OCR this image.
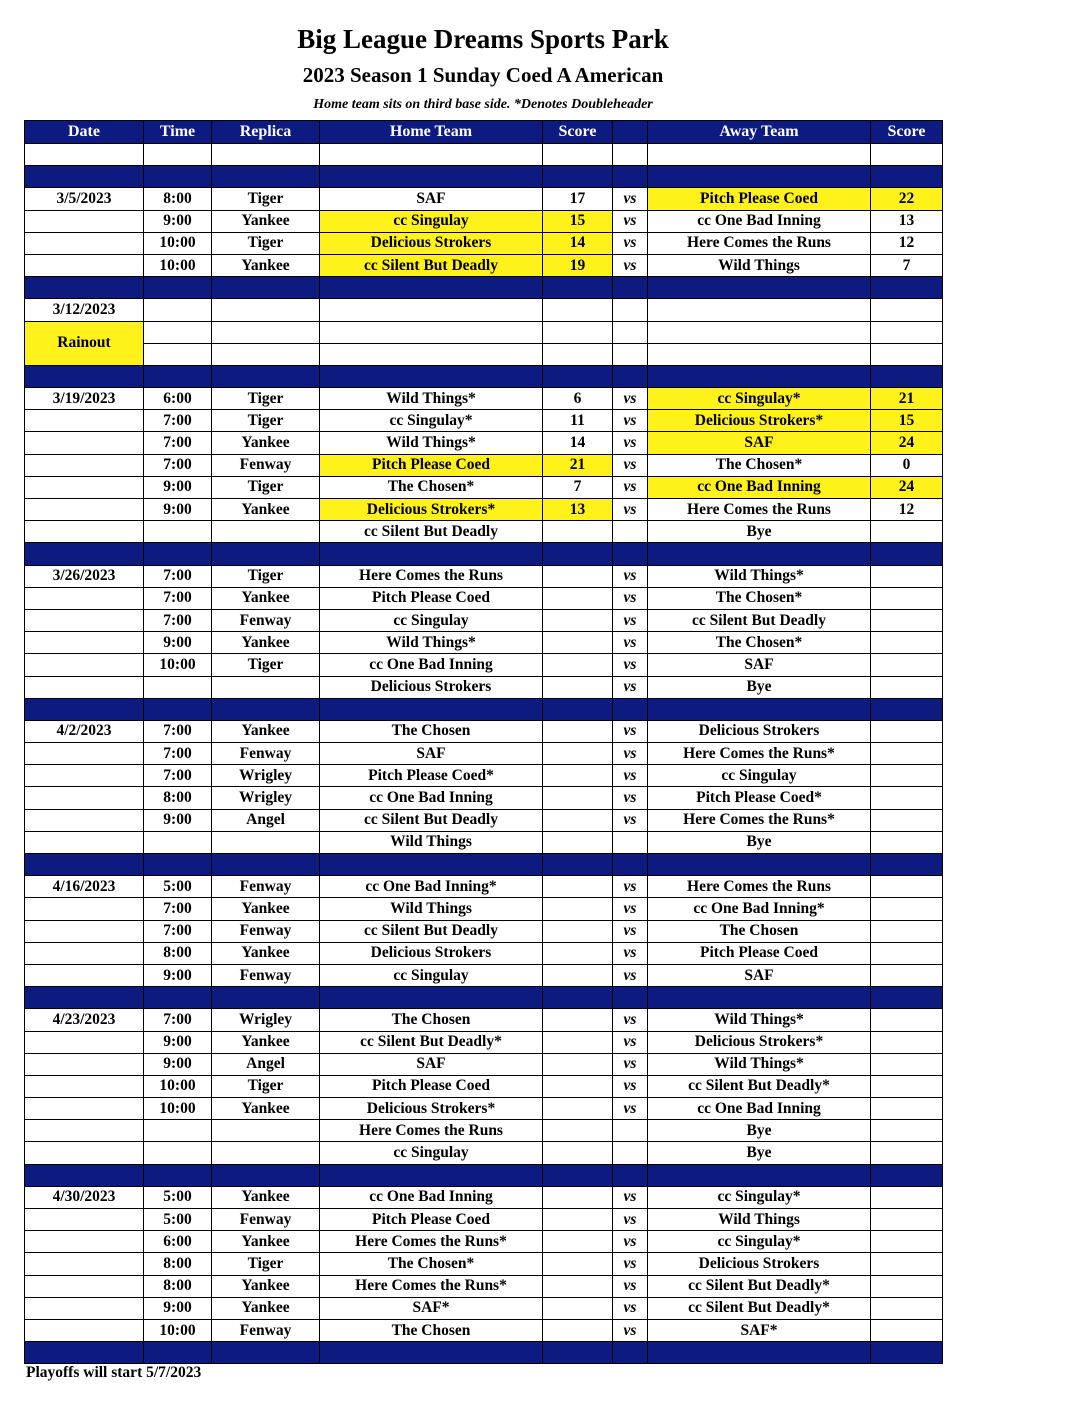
Big League Dreams Sports Park
2023 Season 1 Sunday Coed A American
Home team sits on third base side. *Denotes Doubleheader
Date	Time	Replica	Home Team	Score		Away Team	Score

3/5/2023	8:00	Tiger	SAF	17	vs	Pitch Please Coed	22
	9:00	Yankee	cc Singulay	15	vs	cc One Bad Inning	13
	10:00	Tiger	Delicious Strokers	14	vs	Here Comes the Runs	12
	10:00	Yankee	cc Silent But Deadly	19	vs	Wild Things	7

3/12/2023							
Rainout							

3/19/2023	6:00	Tiger	Wild Things*	6	vs	cc Singulay*	21
	7:00	Tiger	cc Singulay*	11	vs	Delicious Strokers*	15
	7:00	Yankee	Wild Things*	14	vs	SAF	24
	7:00	Fenway	Pitch Please Coed	21	vs	The Chosen*	0
	9:00	Tiger	The Chosen*	7	vs	cc One Bad Inning	24
	9:00	Yankee	Delicious Strokers*	13	vs	Here Comes the Runs	12
			cc Silent But Deadly			Bye	

3/26/2023	7:00	Tiger	Here Comes the Runs		vs	Wild Things*	
	7:00	Yankee	Pitch Please Coed		vs	The Chosen*	
	7:00	Fenway	cc Singulay		vs	cc Silent But Deadly	
	9:00	Yankee	Wild Things*		vs	The Chosen*	
	10:00	Tiger	cc One Bad Inning		vs	SAF	
			Delicious Strokers		vs	Bye	

4/2/2023	7:00	Yankee	The Chosen		vs	Delicious Strokers	
	7:00	Fenway	SAF		vs	Here Comes the Runs*	
	7:00	Wrigley	Pitch Please Coed*		vs	cc Singulay	
	8:00	Wrigley	cc One Bad Inning		vs	Pitch Please Coed*	
	9:00	Angel	cc Silent But Deadly		vs	Here Comes the Runs*	
			Wild Things			Bye	

4/16/2023	5:00	Fenway	cc One Bad Inning*		vs	Here Comes the Runs	
	7:00	Yankee	Wild Things		vs	cc One Bad Inning*	
	7:00	Fenway	cc Silent But Deadly		vs	The Chosen	
	8:00	Yankee	Delicious Strokers		vs	Pitch Please Coed	
	9:00	Fenway	cc Singulay		vs	SAF	

4/23/2023	7:00	Wrigley	The Chosen		vs	Wild Things*	
	9:00	Yankee	cc Silent But Deadly*		vs	Delicious Strokers*	
	9:00	Angel	SAF		vs	Wild Things*	
	10:00	Tiger	Pitch Please Coed		vs	cc Silent But Deadly*	
	10:00	Yankee	Delicious Strokers*		vs	cc One Bad Inning	
			Here Comes the Runs			Bye	
			cc Singulay			Bye	

4/30/2023	5:00	Yankee	cc One Bad Inning		vs	cc Singulay*	
	5:00	Fenway	Pitch Please Coed		vs	Wild Things	
	6:00	Yankee	Here Comes the Runs*		vs	cc Singulay*	
	8:00	Tiger	The Chosen*		vs	Delicious Strokers	
	8:00	Yankee	Here Comes the Runs*		vs	cc Silent But Deadly*	
	9:00	Yankee	SAF*		vs	cc Silent But Deadly*	
	10:00	Fenway	The Chosen		vs	SAF*	

Playoffs will start 5/7/2023
